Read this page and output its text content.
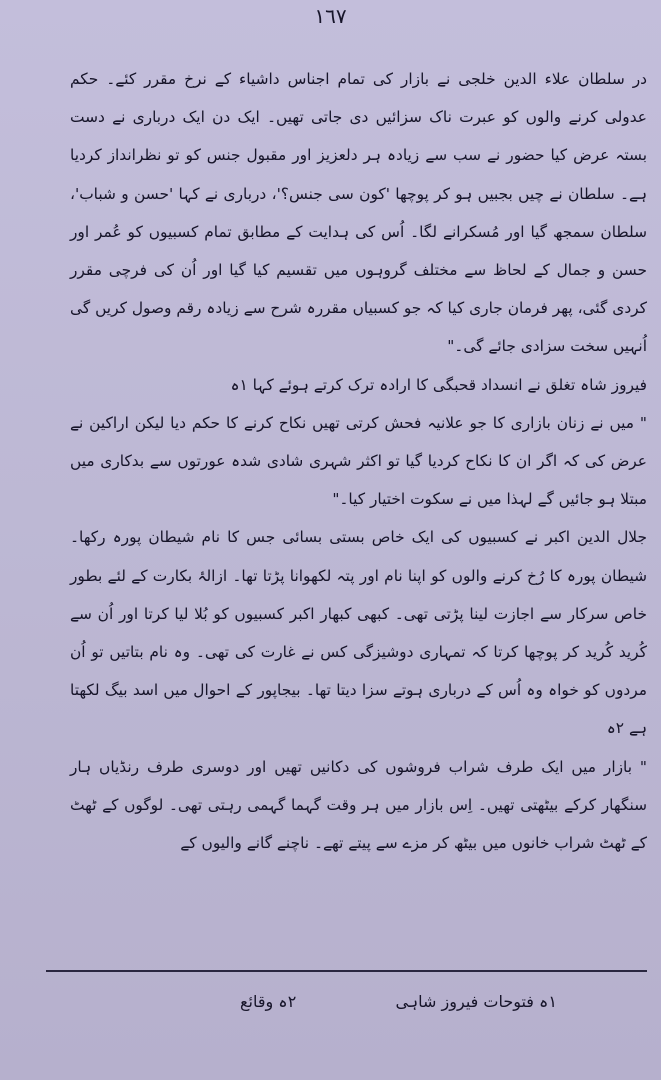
١٦٧

در سلطان علاء الدین خلجی نے بازار کی تمام اجناس داشیاء کے نرخ مقرر کئے۔ حکم عدولی کرنے والوں کو عبرت ناک سزائیں دی جاتی تھیں۔ ایک دن ایک درباری نے دست بستہ عرض کیا حضور نے سب سے زیادہ ہر دلعزیز اور مقبول جنس کو تو نظرانداز کردیا ہے۔ سلطان نے چیں بجبیں ہو کر پوچھا 'کون سی جنس؟'، درباری نے کہا 'حسن و شباب'، سلطان سمجھ گیا اور مُسکرانے لگا۔ اُس کی ہدایت کے مطابق تمام کسبیوں کو عُمر اور حسن و جمال کے لحاظ سے مختلف گروہوں میں تقسیم کیا گیا اور اُن کی فرچی مقرر کردی گئی، پھر فرمان جاری کیا کہ جو کسبیاں مقررہ شرح سے زیادہ رقم وصول کریں گی اُنہیں سخت سزادی جائے گی۔"

فیروز شاہ تغلق نے انسداد قحبگی کا ارادہ ترک کرتے ہوئے کہا ۱ہ

" میں نے زنان بازاری کا جو علانیہ فحش کرتی تھیں نکاح کرنے کا حکم دیا لیکن اراکین نے عرض کی کہ اگر ان کا نکاح کردیا گیا تو اکثر شہری شادی شدہ عورتوں سے بدکاری میں مبتلا ہو جائیں گے لہذا میں نے سکوت اختیار کیا۔"

جلال الدین اکبر نے کسبیوں کی ایک خاص بستی بسائی جس کا نام شیطان پورہ رکھا۔ شیطان پورہ کا رُخ کرنے والوں کو اپنا نام اور پتہ لکھوانا پڑتا تھا۔ ازالۂ بکارت کے لئے بطور خاص سرکار سے اجازت لینا پڑتی تھی۔ کبھی کبھار اکبر کسبیوں کو بُلا لیا کرتا اور اُن سے کُرید کُرید کر پوچھا کرتا کہ تمہاری دوشیزگی کس نے غارت کی تھی۔ وہ نام بتاتیں تو اُن مردوں کو خواہ وہ اُس کے درباری ہوتے سزا دیتا تھا۔ بیجاپور کے احوال میں اسد بیگ لکھتا ہے ۲ہ

" بازار میں ایک طرف شراب فروشوں کی دکانیں تھیں اور دوسری طرف رنڈیاں ہار سنگھار کرکے بیٹھتی تھیں۔ اِس بازار میں ہر وقت گہما گہمی رہتی تھی۔ لوگوں کے ٹھٹ کے ٹھٹ شراب خانوں میں بیٹھ کر مزے سے پیتے تھے۔ ناچنے گانے والیوں کے

۱ہ فتوحات فیروز شاہی
۲ہ وقائع
